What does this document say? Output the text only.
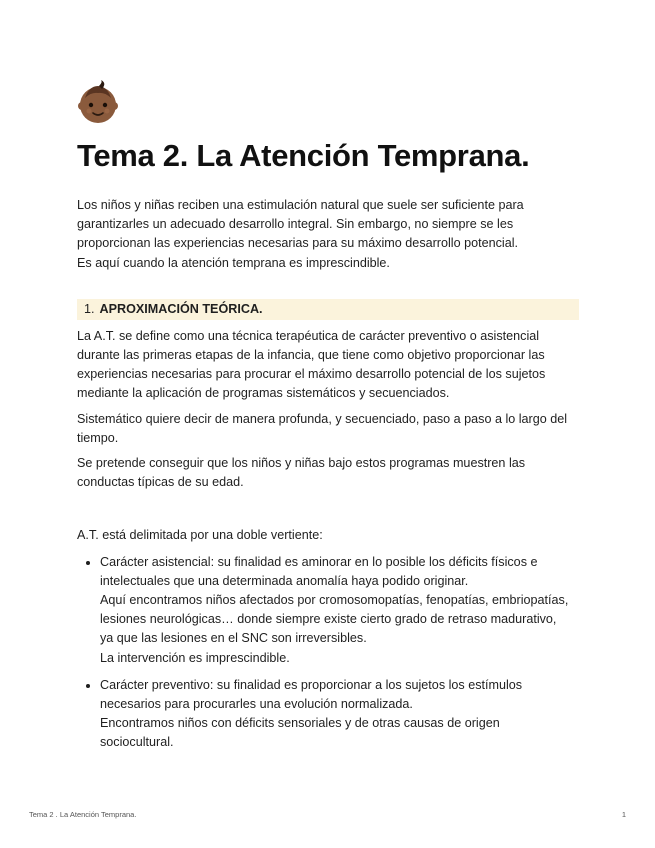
Tema 2. La Atención Temprana.

Los niños y niñas reciben una estimulación natural que suele ser suficiente para

garantizarles un adecuado desarrollo integral. Sin embargo, no siempre se les

proporcionan las experiencias necesarias para su máximo desarrollo potencial.

Es aquí cuando la atención temprana es imprescindible.

1. APROXIMACIÓN TEÓRICA.

La A.T. se define como una técnica terapéutica de carácter preventivo o asistencial
durante las primeras etapas de la infancia, que tiene como objetivo proporcionar las
experiencias necesarias para procurar el máximo desarrollo potencial de los sujetos
mediante la aplicación de programas sistemáticos y secuenciados.

Sistemático quiere decir de manera profunda, y secuenciado, paso a paso a lo largo del
tiempo.

Se pretende conseguir que los niños y niñas bajo estos programas muestren las
conductas típicas de su edad.

A.T. está delimitada por una doble vertiente:
• Carácter asistencial: su finalidad es aminorar en lo posible los déficits físicos e
intelectuales que una determinada anomalía haya podido originar.
Aquí encontramos niños afectados por cromosomopatías, fenopatías, embriopatías,
lesiones neurológicas… donde siempre existe cierto grado de retraso madurativo,
ya que las lesiones en el SNC son irreversibles.
La intervención es imprescindible.
• Carácter preventivo: su finalidad es proporcionar a los sujetos los estímulos
necesarios para procurarles una evolución normalizada.
Encontramos niños con déficits sensoriales y de otras causas de origen
sociocultural.
Tema 2 . La Atención Temprana.	1
